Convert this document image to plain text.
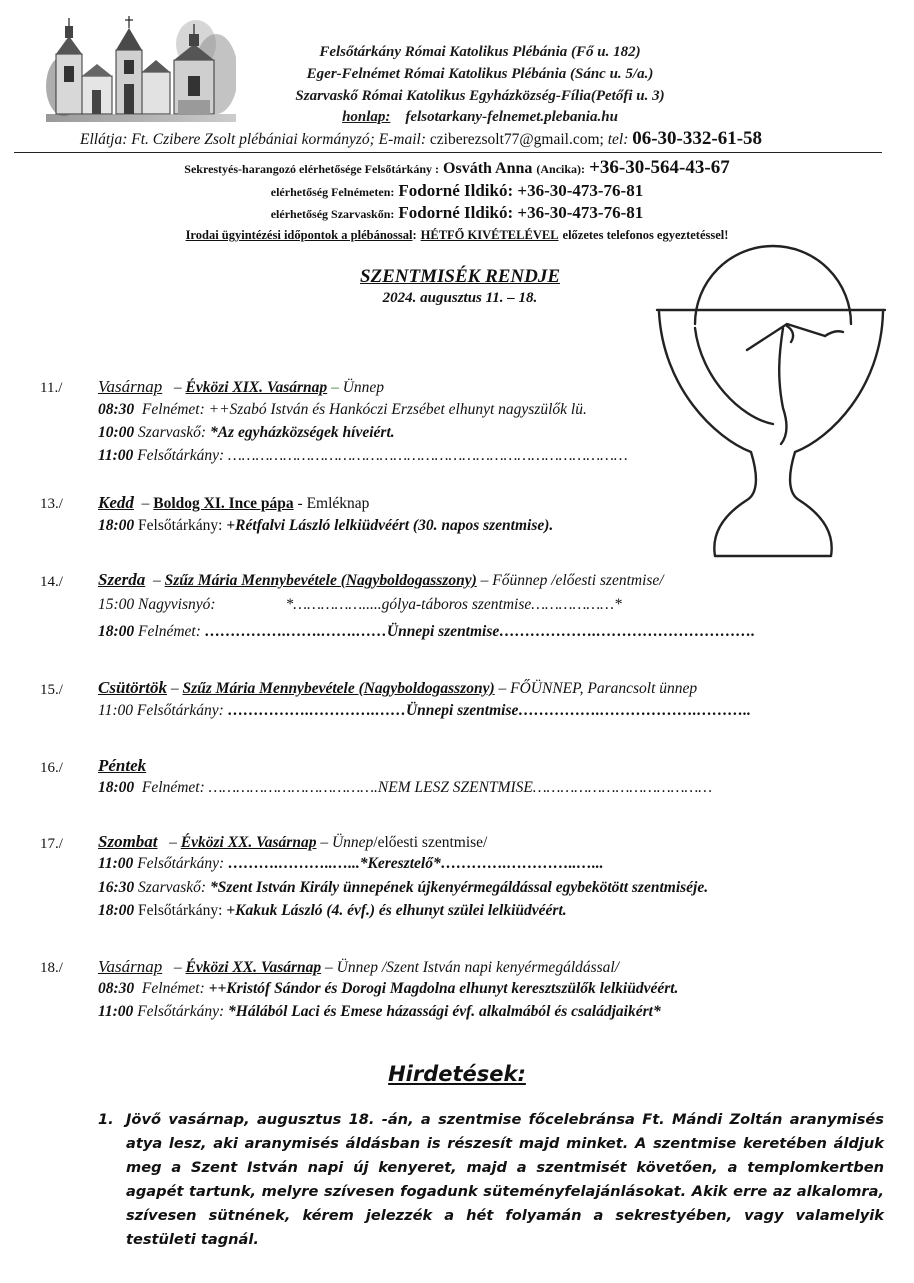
Felsőtárkány Római Katolikus Plébánia (Fő u. 182)
Eger-Felnémet Római Katolikus Plébánia (Sánc u. 5/a.)
Szarvaskő Római Katolikus Egyházközség-Fília(Petőfi u. 3)
honlap: felsotarkany-felnemet.plebania.hu
Ellátja: Ft. Czibere Zsolt plébániai kormányzó; E-mail: cziberezsolt77@gmail.com; tel: 06-30-332-61-58
Sekrestyés-harangozó elérhetősége Felsőtárkány : Osváth Anna (Ancika): +36-30-564-43-67
elérhetőség Felnémeten: Fodorné Ildikó: +36-30-473-76-81
elérhetőség Szarvaskőn: Fodorné Ildikó: +36-30-473-76-81
Irodai ügyintézési időpontok a plébánossal: HÉTFŐ KIVÉTELÉVEL előzetes telefonos egyeztetéssel!
SZENTMISÉK RENDJE
2024. augusztus 11. – 18.
11./ Vasárnap – Évközi XIX. Vasárnap – Ünnep
08:30 Felnémet: ++Szabó István és Hankóczi Erzsébet elhunyt nagyszülők lü.
10:00 Szarvaskő: *Az egyházközségek híveiért.
11:00 Felsőtárkány: ……………………………………………………………………………
13./ Kedd – Boldog XI. Ince pápa - Emléknap
18:00 Felsőtárkány: +Rétfalvi László lelkiüdvéért (30. napos szentmise).
14./ Szerda – Szűz Mária Mennybevétele (Nagyboldogasszony) – Főünnep /előesti szentmise/
15:00 Nagyvisnyó:	*…………….....gólya-táboros szentmise………………*
18:00 Felnémet: …………….…….…….……Ünnepi szentmise……………….………………………….
15./ Csütörtök – Szűz Mária Mennybevétele (Nagyboldogasszony) – FŐÜNNEP, Parancsolt ünnep
11:00 Felsőtárkány: …………….………….……Ünnepi szentmise…………….……………….………..
16./ Péntek
18:00 Felnémet: ……………………………….NEM LESZ SZENTMISE…………………………………
17./ Szombat – Évközi XX. Vasárnap – Ünnep/előesti szentmise/
11:00 Felsőtárkány: ……….………..…...*Keresztelő*………….…………..…...
16:30 Szarvaskő: *Szent István Király ünnepének újkenyérmegáldással egybekötött szentmiséje.
18:00 Felsőtárkány: +Kakuk László (4. évf.) és elhunyt szülei lelkiüdvéért.
18./ Vasárnap – Évközi XX. Vasárnap – Ünnep /Szent István napi kenyérmegáldással/
08:30 Felnémet: ++Kristóf Sándor és Dorogi Magdolna elhunyt keresztszülők lelkiüdvéért.
11:00 Felsőtárkány: *Hálából Laci és Emese házassági évf. alkalmából és családjaikért*
Hirdetések:
1. Jövő vasárnap, augusztus 18. -án, a szentmise főcelebránsa Ft. Mándi Zoltán aranymisés atya lesz, aki aranymisés áldásban is részesít majd minket. A szentmise keretében áldjuk meg a Szent István napi új kenyeret, majd a szentmisét követően, a templomkertben agapét tartunk, melyre szívesen fogadunk süteményfelajánlásokat. Akik erre az alkalomra, szívesen sütnének, kérem jelezzék a hét folyamán a sekrestyében, vagy valamelyik testületi tagnál.
